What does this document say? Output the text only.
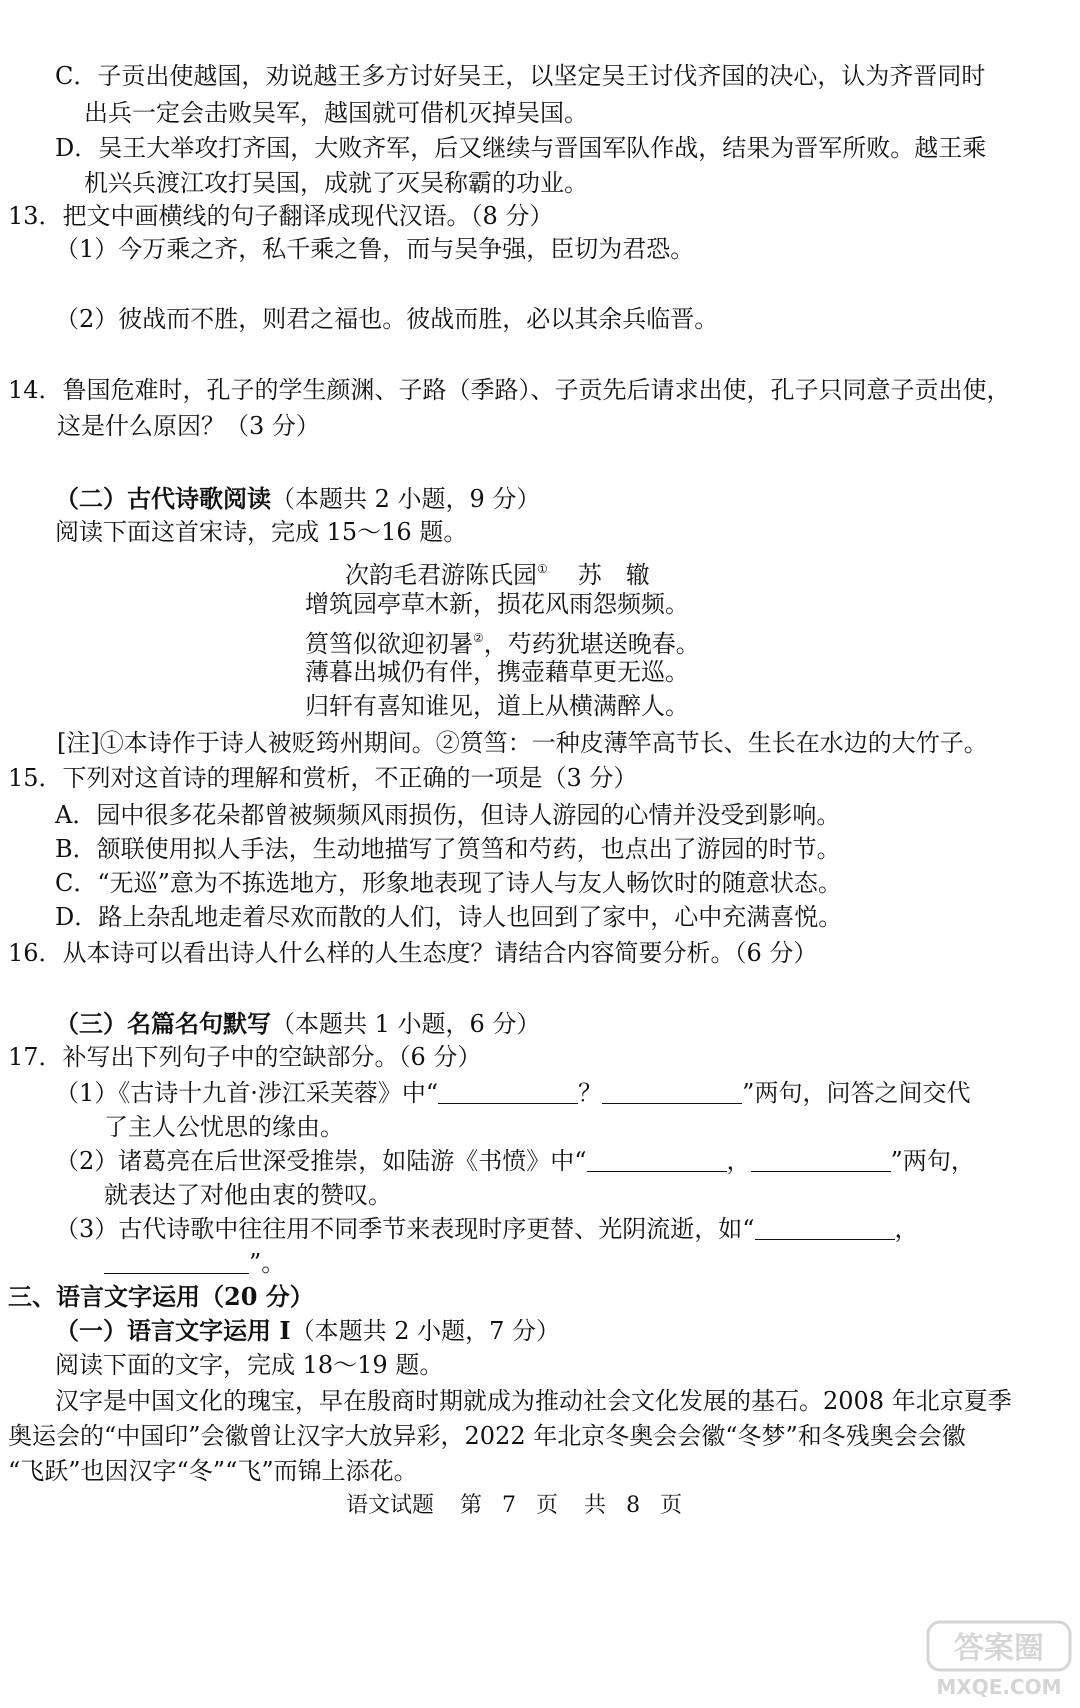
C．子贡出使越国，劝说越王多方讨好吴王，以坚定吴王讨伐齐国的决心，认为齐晋同时
出兵一定会击败吴军，越国就可借机灭掉吴国。
D．吴王大举攻打齐国，大败齐军，后又继续与晋国军队作战，结果为晋军所败。越王乘
机兴兵渡江攻打吴国，成就了灭吴称霸的功业。
13．把文中画横线的句子翻译成现代汉语。（8 分）
（1）今万乘之齐，私千乘之鲁，而与吴争强，臣切为君恐。
（2）彼战而不胜，则君之福也。彼战而胜，必以其余兵临晋。
14．鲁国危难时，孔子的学生颜渊、子路（季路）、子贡先后请求出使，孔子只同意子贡出使，
这是什么原因？（3 分）
（二）古代诗歌阅读（本题共 2 小题，9 分）
阅读下面这首宋诗，完成 15～16 题。
次韵毛君游陈氏园① 苏　辙
增筑园亭草木新，损花风雨怨频频。
筼筜似欲迎初暑②，芍药犹堪送晚春。
薄暮出城仍有伴，携壶藉草更无巡。
归轩有喜知谁见，道上从横满醉人。
[注]①本诗作于诗人被贬筠州期间。②筼筜：一种皮薄竿高节长、生长在水边的大竹子。
15．下列对这首诗的理解和赏析，不正确的一项是（3 分）
A．园中很多花朵都曾被频频风雨损伤，但诗人游园的心情并没受到影响。
B．颔联使用拟人手法，生动地描写了筼筜和芍药，也点出了游园的时节。
C．“无巡”意为不拣选地方，形象地表现了诗人与友人畅饮时的随意状态。
D．路上杂乱地走着尽欢而散的人们，诗人也回到了家中，心中充满喜悦。
16．从本诗可以看出诗人什么样的人生态度？请结合内容简要分析。（6 分）
（三）名篇名句默写（本题共 1 小题，6 分）
17．补写出下列句子中的空缺部分。（6 分）
（1）《古诗十九首·涉江采芙蓉》中“	？	”两句，问答之间交代
了主人公忧思的缘由。
（2）诸葛亮在后世深受推崇，如陆游《书愤》中“	，	”两句，
就表达了对他由衷的赞叹。
（3）古代诗歌中往往用不同季节来表现时序更替、光阴流逝，如“	，
”。
三、语言文字运用（20 分）
（一）语言文字运用 I（本题共 2 小题，7 分）
阅读下面的文字，完成 18～19 题。
汉字是中国文化的瑰宝，早在殷商时期就成为推动社会文化发展的基石。2008 年北京夏季
奥运会的“中国印”会徽曾让汉字大放异彩，2022 年北京冬奥会会徽“冬梦”和冬残奥会会徽
“飞跃”也因汉字“冬”“飞”而锦上添花。
语文试题 第 7 页 共 8 页
答案圈
MXQE.COM
